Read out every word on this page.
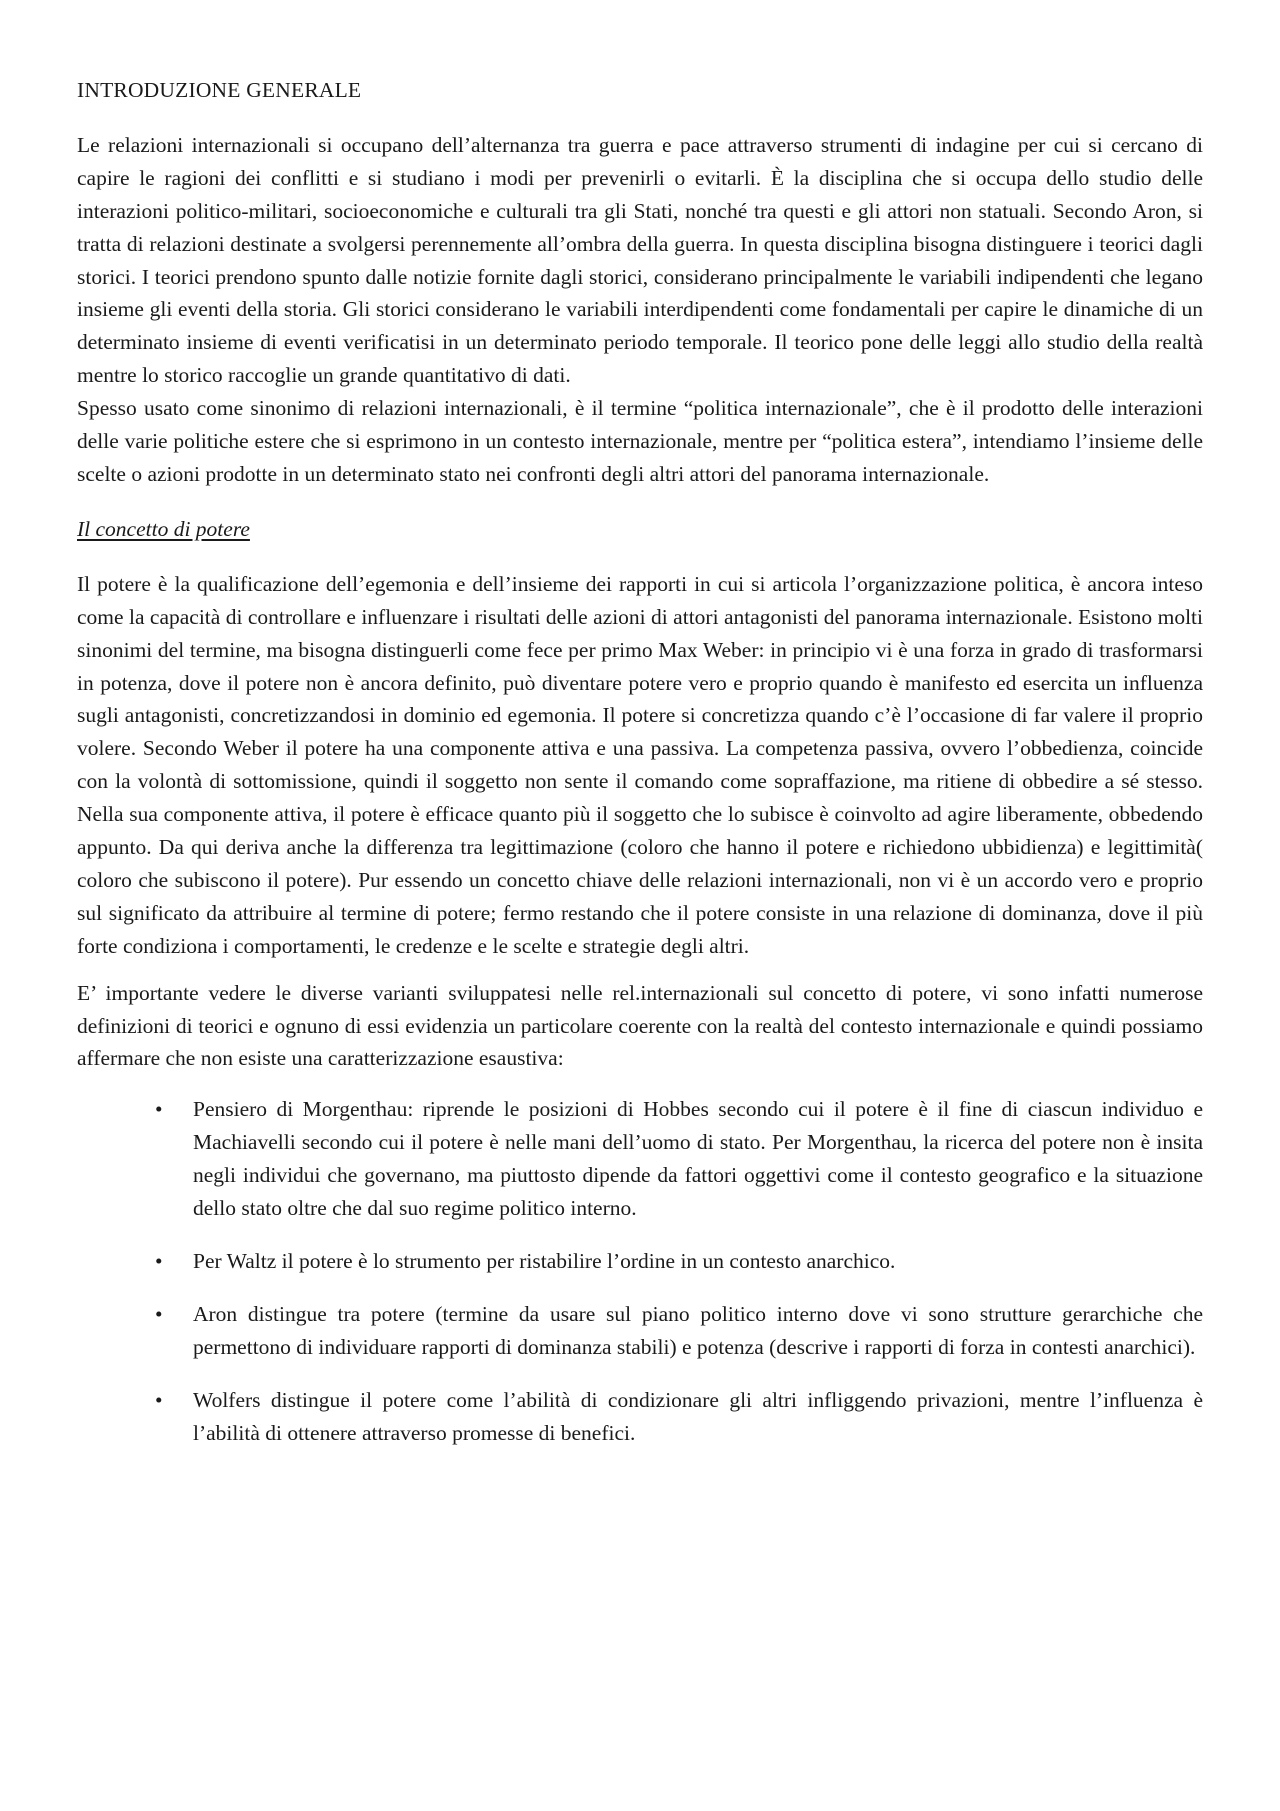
INTRODUZIONE GENERALE

Le relazioni internazionali si occupano dell’alternanza tra guerra e pace attraverso strumenti di indagine per cui si cercano di capire le ragioni dei conflitti e si studiano i modi per prevenirli o evitarli. È la disciplina che si occupa dello studio delle interazioni politico-militari, socioeconomiche e culturali tra gli Stati, nonché tra questi e gli attori non statuali. Secondo Aron, si tratta di relazioni destinate a svolgersi perennemente all’ombra della guerra. In questa disciplina bisogna distinguere i teorici dagli storici. I teorici prendono spunto dalle notizie fornite dagli storici, considerano principalmente le variabili indipendenti che legano insieme gli eventi della storia. Gli storici considerano le variabili interdipendenti come fondamentali per capire le dinamiche di un determinato insieme di eventi verificatisi in un determinato periodo temporale. Il teorico pone delle leggi allo studio della realtà mentre lo storico raccoglie un grande quantitativo di dati.

Spesso usato come sinonimo di relazioni internazionali, è il termine “politica internazionale”, che è il prodotto delle interazioni delle varie politiche estere che si esprimono in un contesto internazionale, mentre per “politica estera”, intendiamo l’insieme delle scelte o azioni prodotte in un determinato stato nei confronti degli altri attori del panorama internazionale.

Il concetto di potere

Il potere è la qualificazione dell’egemonia e dell’insieme dei rapporti in cui si articola l’organizzazione politica, è ancora inteso come la capacità di controllare e influenzare i risultati delle azioni di attori antagonisti del panorama internazionale. Esistono molti sinonimi del termine, ma bisogna distinguerli come fece per primo Max Weber: in principio vi è una forza in grado di trasformarsi in potenza, dove il potere non è ancora definito, può diventare potere vero e proprio quando è manifesto ed esercita un influenza sugli antagonisti, concretizzandosi in dominio ed egemonia. Il potere si concretizza quando c’è l’occasione di far valere il proprio volere. Secondo Weber il potere ha una componente attiva e una passiva. La competenza passiva, ovvero l’obbedienza, coincide con la volontà di sottomissione, quindi il soggetto non sente il comando come sopraffazione, ma ritiene di obbedire a sé stesso. Nella sua componente attiva, il potere è efficace quanto più il soggetto che lo subisce è coinvolto ad agire liberamente, obbedendo appunto. Da qui deriva anche la differenza tra legittimazione (coloro che hanno il potere e richiedono ubbidienza) e legittimità( coloro che subiscono il potere). Pur essendo un concetto chiave delle relazioni internazionali, non vi è un accordo vero e proprio sul significato da attribuire al termine di potere; fermo restando che il potere consiste in una relazione di dominanza, dove il più forte condiziona i comportamenti, le credenze e le scelte e strategie degli altri.

E’ importante vedere le diverse varianti sviluppatesi nelle rel.internazionali sul concetto di potere, vi sono infatti numerose definizioni di teorici e ognuno di essi evidenzia un particolare coerente con la realtà del contesto internazionale e quindi possiamo affermare che non esiste una caratterizzazione esaustiva:

• Pensiero di Morgenthau: riprende le posizioni di Hobbes secondo cui il potere è il fine di ciascun individuo e Machiavelli secondo cui il potere è nelle mani dell’uomo di stato. Per Morgenthau, la ricerca del potere non è insita negli individui che governano, ma piuttosto dipende da fattori oggettivi come il contesto geografico e la situazione dello stato oltre che dal suo regime politico interno.
• Per Waltz il potere è lo strumento per ristabilire l’ordine in un contesto anarchico.
• Aron distingue tra potere (termine da usare sul piano politico interno dove vi sono strutture gerarchiche che permettono di individuare rapporti di dominanza stabili) e potenza (descrive i rapporti di forza in contesti anarchici).
• Wolfers distingue il potere come l’abilità di condizionare gli altri infliggendo privazioni, mentre l’influenza è l’abilità di ottenere attraverso promesse di benefici.
